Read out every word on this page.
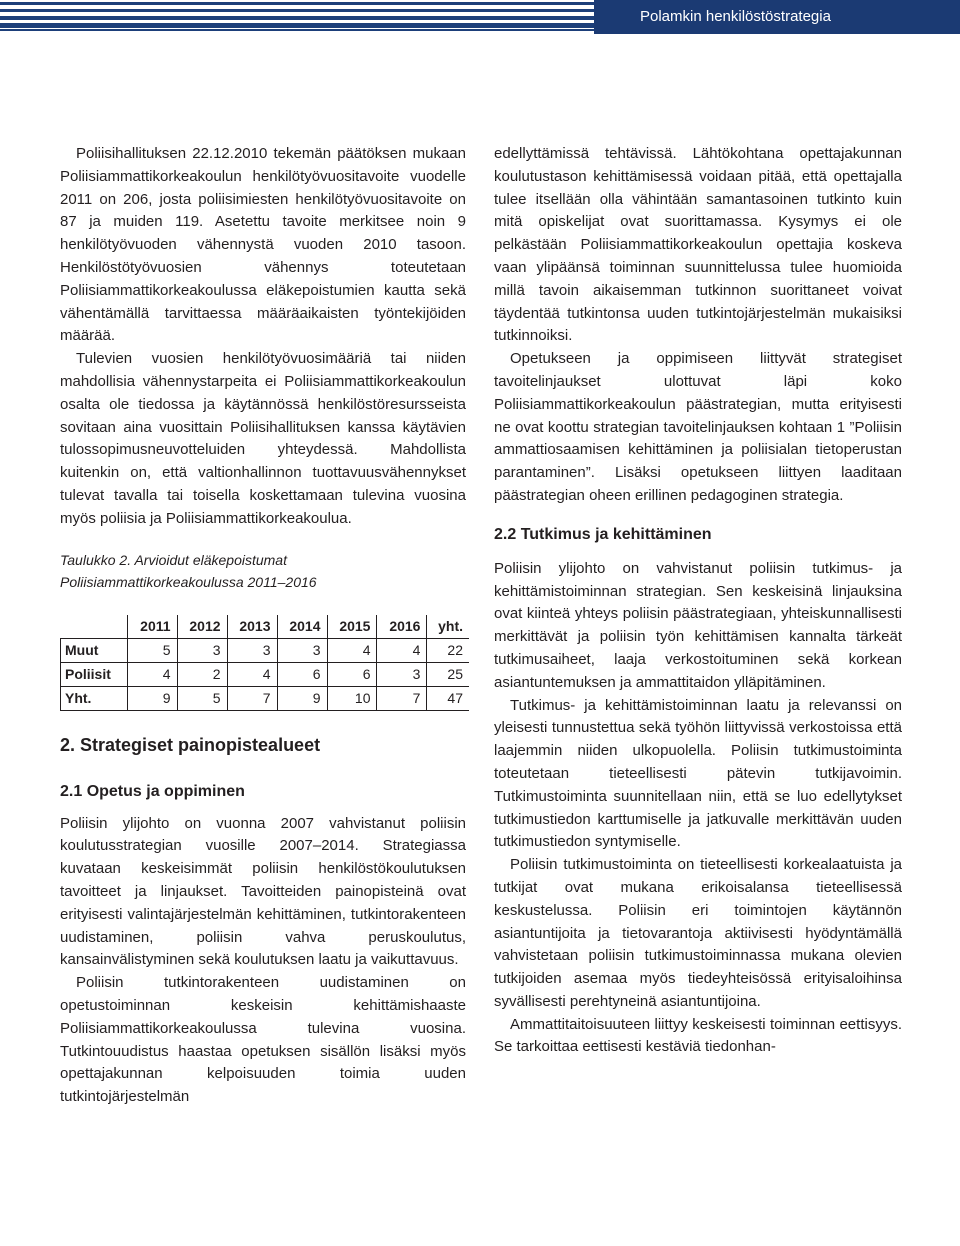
Polamkin henkilöstöstrategia

Poliisihallituksen 22.12.2010 tekemän päätöksen mukaan Poliisiammattikorkeakoulun henkilötyövuositavoite vuodelle 2011 on 206, josta poliisimiesten henkilötyövuositavoite on 87 ja muiden 119. Asetettu tavoite merkitsee noin 9 henkilötyövuoden vähennystä vuoden 2010 tasoon. Henkilöstötyövuosien vähennys toteutetaan Poliisiammattikorkeakoulussa eläkepoistumien kautta sekä vähentämällä tarvittaessa määräaikaisten työntekijöiden määrää.

Tulevien vuosien henkilötyövuosimääriä tai niiden mahdollisia vähennystarpeita ei Poliisiammattikorkeakoulun osalta ole tiedossa ja käytännössä henkilöstöresursseista sovitaan aina vuosittain Poliisihallituksen kanssa käytävien tulossopimusneuvotteluiden yhteydessä. Mahdollista kuitenkin on, että valtionhallinnon tuottavuusvähennykset tulevat tavalla tai toisella koskettamaan tulevina vuosina myös poliisia ja Poliisiammattikorkeakoulua.

Taulukko 2. Arvioidut eläkepoistumat
Poliisiammattikorkeakoulussa 2011–2016
	2011	2012	2013	2014	2015	2016	yht.
Muut	5	3	3	3	4	4	22
Poliisit	4	2	4	6	6	3	25
Yht.	9	5	7	9	10	7	47
2. Strategiset painopistealueet
2.1 Opetus ja oppiminen

Poliisin ylijohto on vuonna 2007 vahvistanut poliisin koulutusstrategian vuosille 2007–2014. Strategiassa kuvataan keskeisimmät poliisin henkilöstökoulutuksen tavoitteet ja linjaukset. Tavoitteiden painopisteinä ovat erityisesti valintajärjestelmän kehittäminen, tutkintorakenteen uudistaminen, poliisin vahva peruskoulutus, kansainvälistyminen sekä koulutuksen laatu ja vaikuttavuus.

Poliisin tutkintorakenteen uudistaminen on opetustoiminnan keskeisin kehittämishaaste Poliisiammattikorkeakoulussa tulevina vuosina. Tutkintouudistus haastaa opetuksen sisällön lisäksi myös opettajakunnan kelpoisuuden toimia uuden tutkintojärjestelmän

edellyttämissä tehtävissä. Lähtökohtana opettajakunnan koulutustason kehittämisessä voidaan pitää, että opettajalla tulee itsellään olla vähintään samantasoinen tutkinto kuin mitä opiskelijat ovat suorittamassa. Kysymys ei ole pelkästään Poliisiammattikorkeakoulun opettajia koskeva vaan ylipäänsä toiminnan suunnittelussa tulee huomioida millä tavoin aikaisemman tutkinnon suorittaneet voivat täydentää tutkintonsa uuden tutkintojärjestelmän mukaisiksi tutkinnoiksi.

Opetukseen ja oppimiseen liittyvät strategiset tavoitelinjaukset ulottuvat läpi koko Poliisiammattikorkeakoulun päästrategian, mutta erityisesti ne ovat koottu strategian tavoitelinjauksen kohtaan 1 ”Poliisin ammattiosaamisen kehittäminen ja poliisialan tietoperustan parantaminen”. Lisäksi opetukseen liittyen laaditaan päästrategian oheen erillinen pedagoginen strategia.

2.2 Tutkimus ja kehittäminen

Poliisin ylijohto on vahvistanut poliisin tutkimus- ja kehittämistoiminnan strategian. Sen keskeisinä linjauksina ovat kiinteä yhteys poliisin päästrategiaan, yhteiskunnallisesti merkittävät ja poliisin työn kehittämisen kannalta tärkeät tutkimusaiheet, laaja verkostoituminen sekä korkean asiantuntemuksen ja ammattitaidon ylläpitäminen.

Tutkimus- ja kehittämistoiminnan laatu ja relevanssi on yleisesti tunnustettua sekä työhön liittyvissä verkostoissa että laajemmin niiden ulkopuolella. Poliisin tutkimustoiminta toteutetaan tieteellisesti pätevin tutkijavoimin. Tutkimustoiminta suunnitellaan niin, että se luo edellytykset tutkimustiedon karttumiselle ja jatkuvalle merkittävän uuden tutkimustiedon syntymiselle.

Poliisin tutkimustoiminta on tieteellisesti korkealaatuista ja tutkijat ovat mukana erikoisalansa tieteellisessä keskustelussa. Poliisin eri toimintojen käytännön asiantuntijoita ja tietovarantoja aktiivisesti hyödyntämällä vahvistetaan poliisin tutkimustoiminnassa mukana olevien tutkijoiden asemaa myös tiedeyhteisössä erityisaloihinsa syvällisesti perehtyneinä asiantuntijoina.

Ammattitaitoisuuteen liittyy keskeisesti toiminnan eettisyys. Se tarkoittaa eettisesti kestäviä tiedonhan-
